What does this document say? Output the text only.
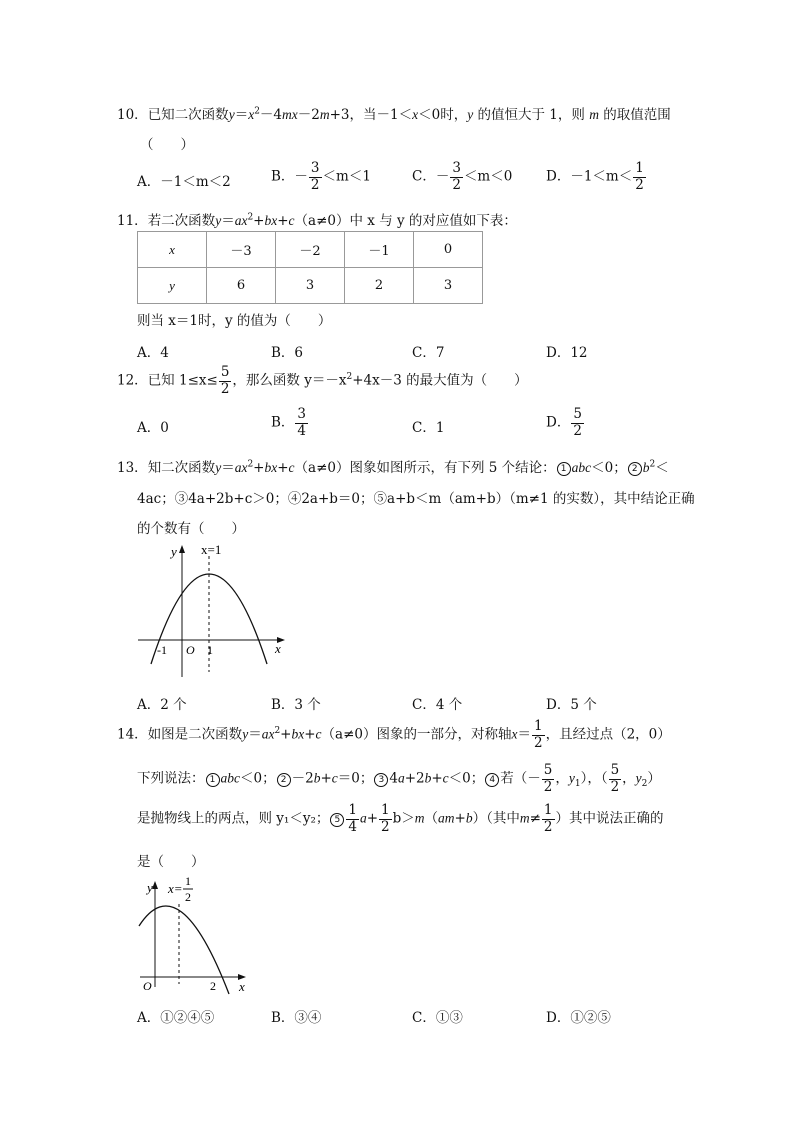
10．已知二次函数$y=x^2-4mx-2m+3$，当－1＜x＜0时，y 的值恒大于 1，则 m 的取值范围
（　　）
A．－1＜m＜2	B．－ $\frac{3}{2} <m<1$	C．－ $\frac{3}{2} <m<0$ D．$-1<m< \frac{1}{2}$
11．若二次函数$y=ax^2+bx+c(a\ne 0)$中 x 与 y 的对应值如下表：
x	－3	－2	－1	0
y	6	3	2	3
则当 x＝1时，y 的值为（　　）
A．4	B．6	C．7	D．12
12．已知 $1\le x\le \frac{5}{2}$ ，那么函数 $y=-x^2+4x-3$ 的最大值为（　　）
A．0	B． $\frac{3}{4}$	C．1	D． $\frac{5}{2}$
13．知二次函数$y=ax^2+bx+c(a\ne 0)$图象如图所示，有下列 5 个结论： 1 abc＜0； 2 $b^2<$
4ac；③4a+2b+c＞0；④2a+b＝0；⑤a+b＜m（am+b）（m≠1 的实数），其中结论正确
的个数有（　　）
y x=1
-1 O 1	x
A．2 个	B．3 个	C．4 个	D．5 个
14．如图是二次函数$y=ax^2+bx+c(a\ne 0)$图象的一部分，对称轴$x= \frac{1}{2}$ ，且经过点（2，0）
下列说法： 1 abc＜0； 2 －2b+c＝0； 3 4a+2b+c＜0； 4 若（－ $\frac{5}{2}$ ，$y_1$），（ $\frac{5}{2}$ ，$y_2$）
是抛物线上的两点，则 y₁＜y₂； $5 \frac{1}{4} a+ \frac{1}{2} b>m(am+b)$（其中$m\ne \frac{1}{2}$ ）其中说法正确的
是（　　）
y x= 1
2
O	2 x
A．①②④⑤	B．③④	C．①③	D．①②⑤
